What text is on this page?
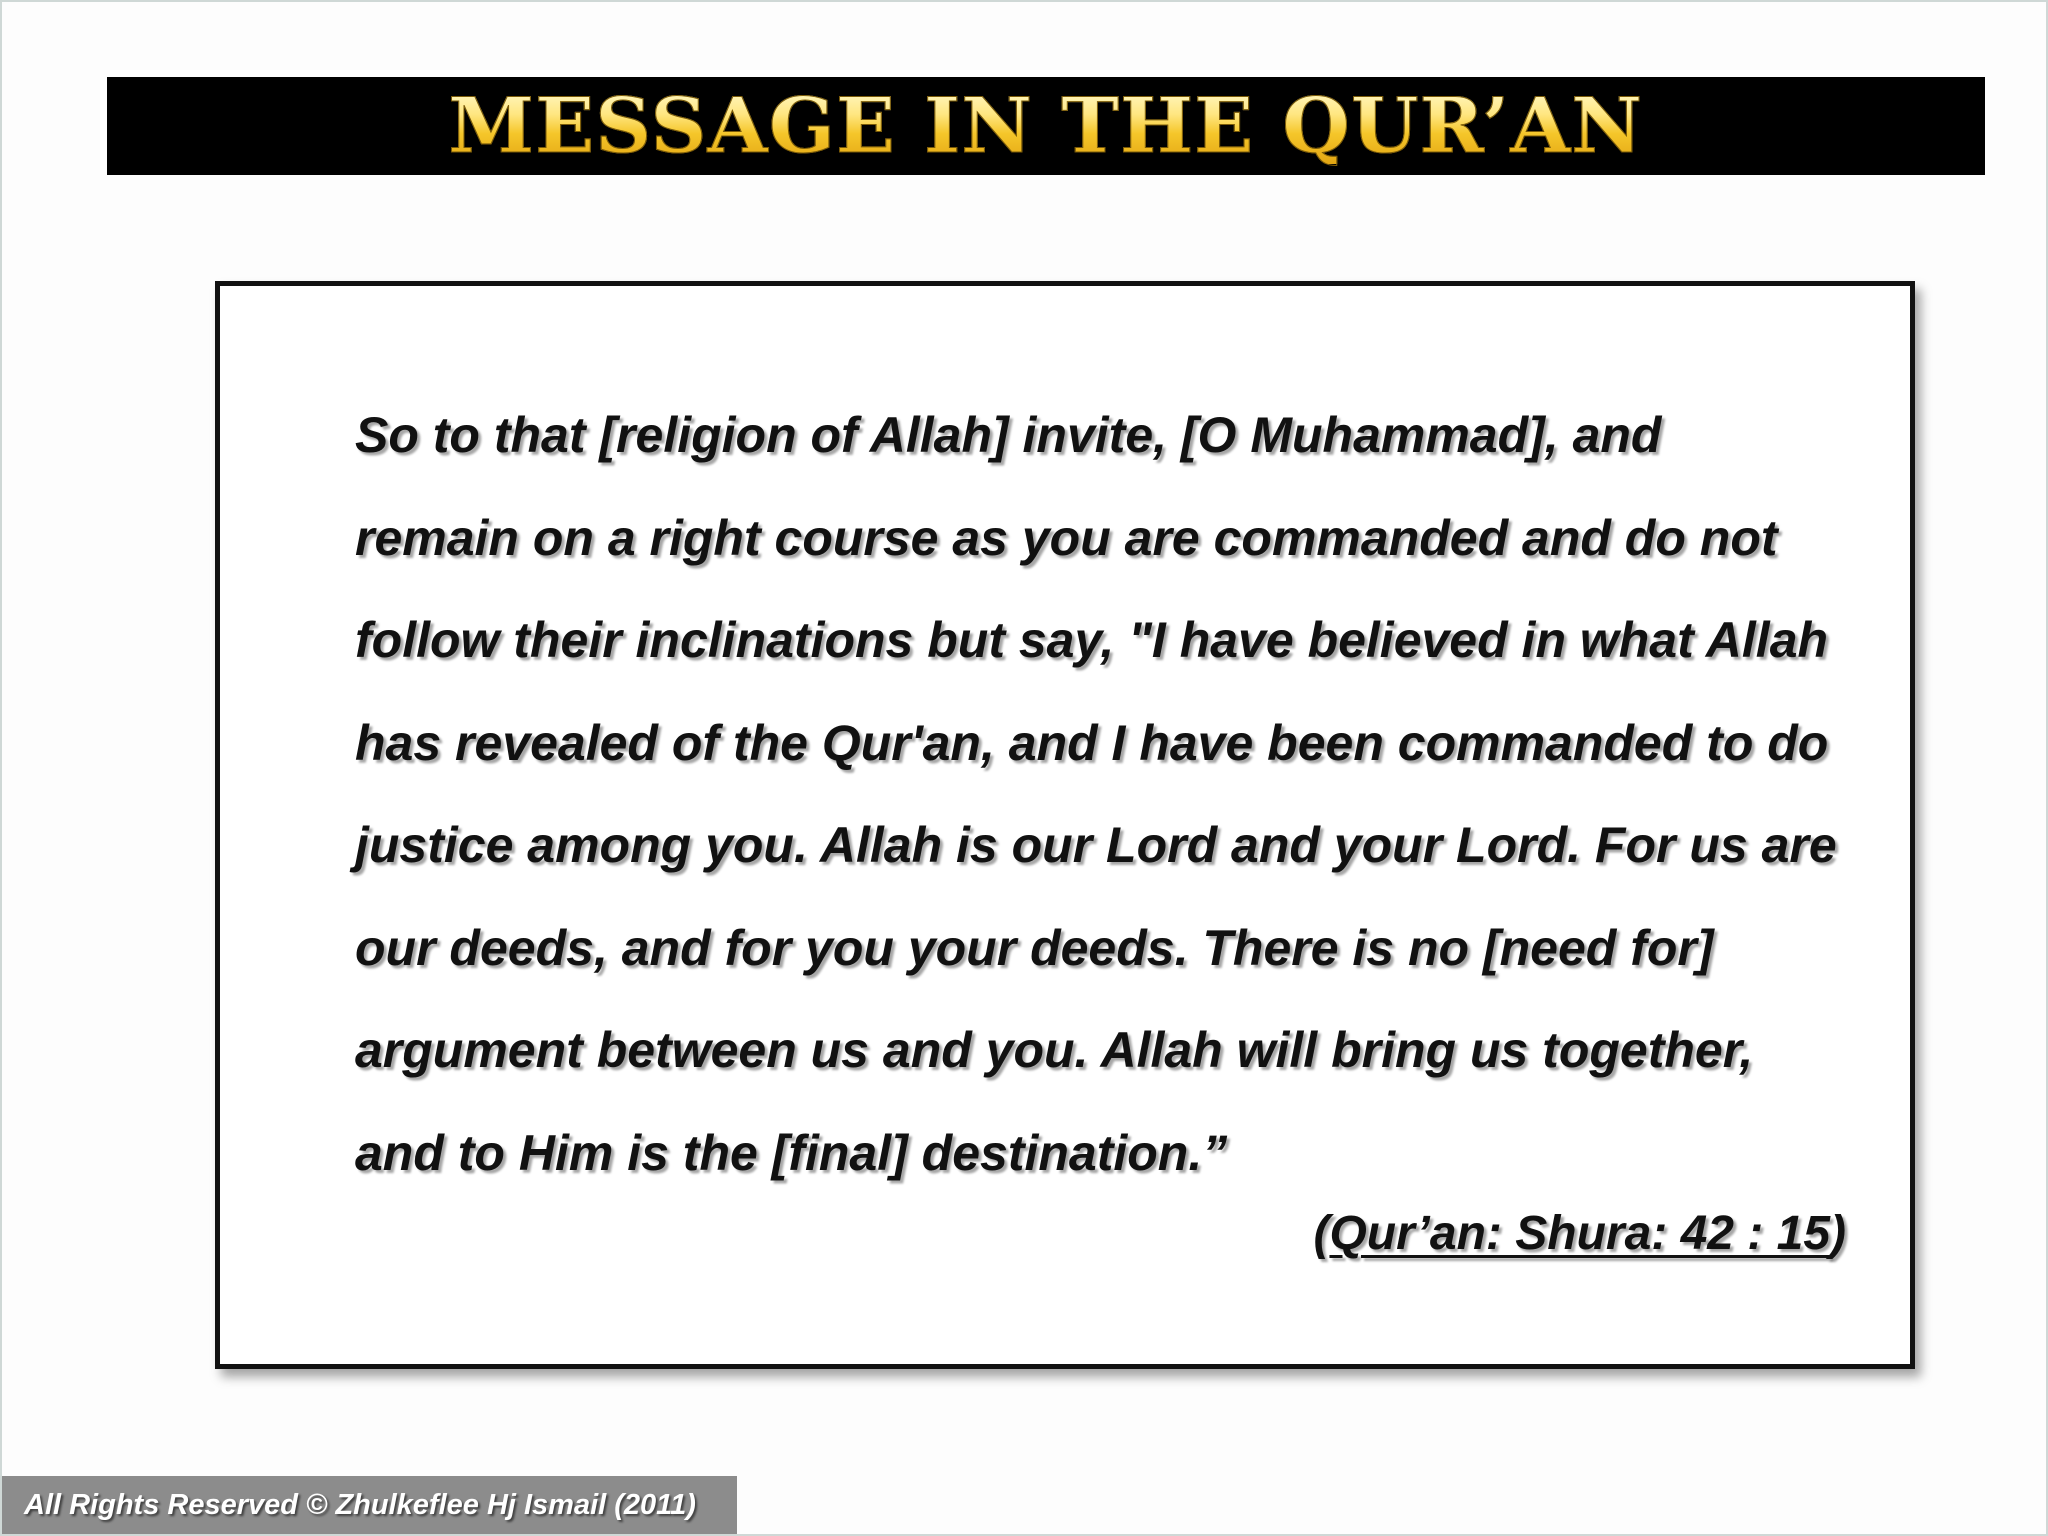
MESSAGE IN THE QUR’AN

So to that [religion of Allah] invite, [O Muhammad], and
remain on a right course as you are commanded and do not
follow their inclinations but say, "I have believed in what Allah
has revealed of the Qur'an, and I have been commanded to do
justice among you. Allah is our Lord and your Lord. For us are
our deeds, and for you your deeds. There is no [need for]
argument between us and you. Allah will bring us together,
and to Him is the [final] destination.”

(Qur’an: Shura: 42 : 15)

All Rights Reserved © Zhulkeflee Hj Ismail (2011)
